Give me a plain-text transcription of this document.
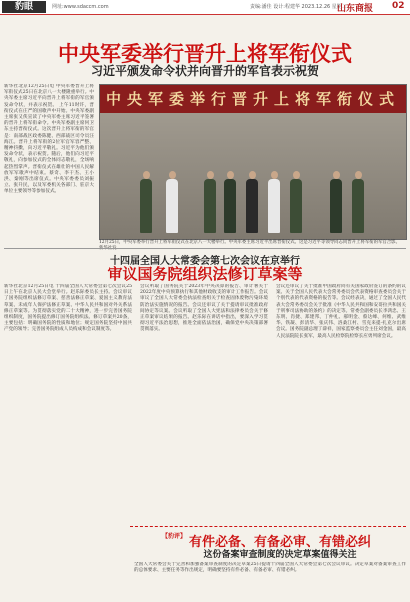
豹眼	网址:www.sdaccm.com	责编:潘佳 设计:程建华 2023.12.26 星期二
山东商报 02
中央军委举行晋升上将军衔仪式
习近平颁发命令状并向晋升的军官表示祝贺
新华社北京12月25日电 中央军委晋升上将军衔仪式25日在北京八一大楼隆重举行。中央军委主席习近平向晋升上将军衔的军官颁发命令状，并表示祝贺。 上午11时许，晋衔仪式在庄严的国歌声中开始。中央军委副主席张又侠宣读了中央军委主席习近平签署的晋升上将军衔命令。中央军委副主席何卫东主持晋衔仪式。这次晋升上将军衔的军官是：南部战区政委陈健、西部战区司令员汪海江。晋升上将军衔的2位军官军容严整、精神抖擞，向习近平敬礼。习近平为他们颁发命令状，表示祝贺。随后，他们向习近平敬礼，向参加仪式的全体同志敬礼，全场响起热烈掌声。晋衔仪式在雄壮的中国人民解放军军歌声中结束。蔡奇、李干杰、王小洪、秦刚等出席仪式。中央军委委员刘振立、张升民，以及军委机关各部门、驻京大单位主要领导等参加仪式。
中央军委举行晋升上将军衔仪式
12月25日，中央军委举行晋升上将军衔仪式在北京八一大楼举行。中央军委主席习近平出席晋衔仪式。这是习近平等领导同志同晋升上将军衔的军官合影。
十四届全国人大常委会第七次会议在京举行
审议国务院组织法修订草案等
新华社北京12月25日电 十四届全国人大常委会第七次会议25日上午在北京人民大会堂举行。赵乐际委员长主持。会议审议了国务院组织法修订草案、慈善法修正草案、爱国主义教育法草案、未成年人保护法修正草案、中华人民共和国对外关系法修正草案等。为贯彻落实党的二十大精神，进一步完善国务院组织制度，国务院提出修订国务院组织法。修订草案共20条，主要包括：明确国务院的性质和地位；规定国务院坚持中国共产党的领导；完善国务院组成人员构成和会议制度等。
会议听取了国务院关于2023年中央决算的报告、审计署关于2022年度中央预算执行和其他财政收支的审计工作报告。会议审议了全国人大常委会执法检查组关于检查固体废物污染环境防治法实施情况的报告。会议还审议了关于提请审议批准政府间协定等议案。会议听取了全国人大宪法和法律委员会关于修正草案审议结果的报告。赵乐际在讲话中指出，要深入学习贯彻习近平法治思想，推进全面依法治国，确保党中央决策部署贯彻落实。
会议还审议了关于批准中国政府同有关国家政府签订的条约的议案、关于全国人民代表大会常务委员会代表资格审查委员会关于个别代表的代表资格的报告等。会议经表决，通过了全国人民代表大会常务委员会关于批准《中华人民共和国和安哥拉共和国关于刑事司法协助的条约》的决定等。常委会副委员长李鸿忠、王东明、肖捷、郑建邦、丁仲礼、郝明金、蔡达峰、何维、武维华、铁凝、彭清华、张庆伟、洛桑江村、雪克来提·扎克尔出席会议。国务院副总理丁薛祥，国家监察委员会主任刘金国，最高人民法院院长张军，最高人民检察院检察长应勇列席会议。
【豹评】 有件必备、有备必审、有错必纠
这份备案审查制度的决定草案值得关注
全国人大常委会关于完善和加强备案审查制度的决定草案25日提请十四届全国人大常委会第七次会议审议。决定草案对备案审查工作的总体要求、主要任务等作出规定，明确要坚持有件必备、有备必审、有错必纠。
